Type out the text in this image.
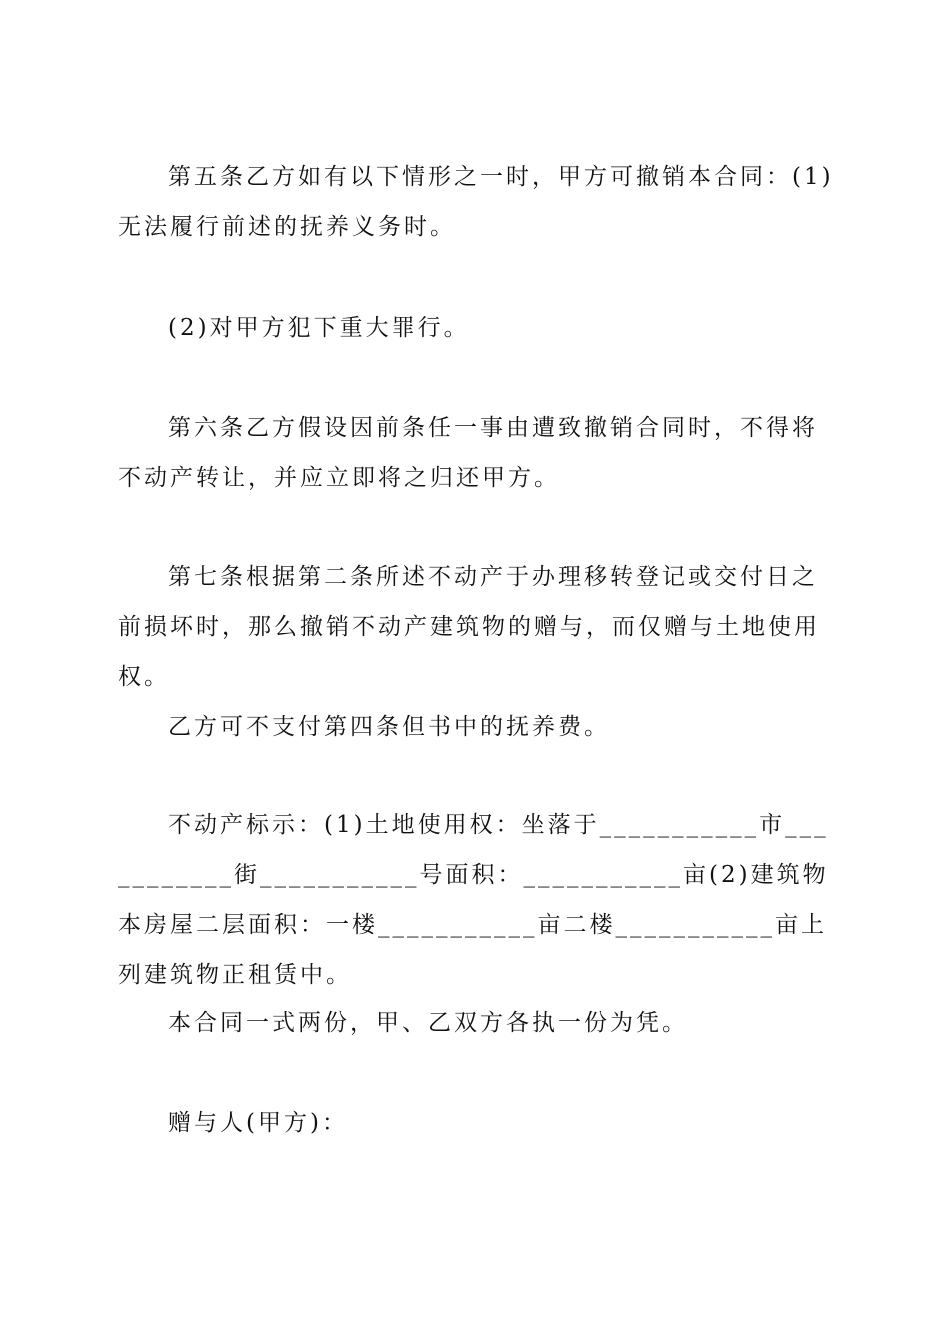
第五条乙方如有以下情形之一时，甲方可撤销本合同：(1)无法履行前述的抚养义务时。

(2)对甲方犯下重大罪行。

第六条乙方假设因前条任一事由遭致撤销合同时，不得将不动产转让，并应立即将之归还甲方。

第七条根据第二条所述不动产于办理移转登记或交付日之前损坏时，那么撤销不动产建筑物的赠与，而仅赠与土地使用权。

乙方可不支付第四条但书中的抚养费。

不动产标示：(1)土地使用权：坐落于___________市___________街___________号面积：___________亩(2)建筑物本房屋二层面积：一楼___________亩二楼___________亩上列建筑物正租赁中。

本合同一式两份，甲、乙双方各执一份为凭。

赠与人(甲方)：
